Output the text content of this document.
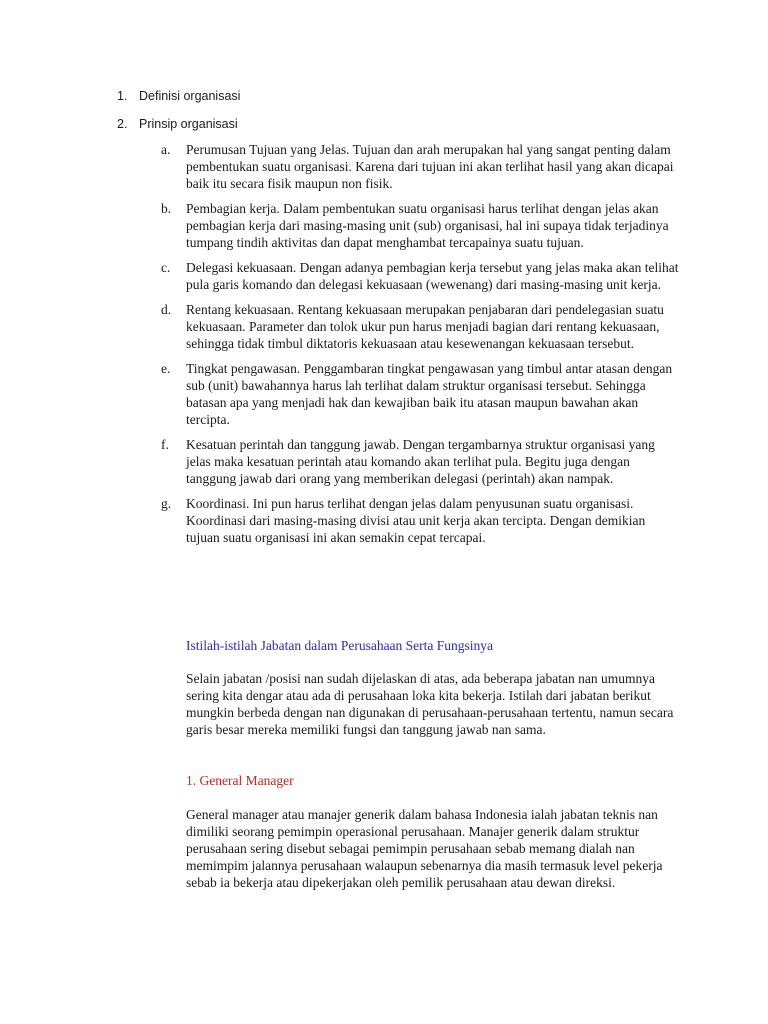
1. Definisi organisasi
2. Prinsip organisasi
a. Perumusan Tujuan yang Jelas. Tujuan dan arah merupakan hal yang sangat penting dalam pembentukan suatu organisasi. Karena dari tujuan ini akan terlihat hasil yang akan dicapai baik itu secara fisik maupun non fisik.
b. Pembagian kerja. Dalam pembentukan suatu organisasi harus terlihat dengan jelas akan pembagian kerja dari masing-masing unit (sub) organisasi, hal ini supaya tidak terjadinya tumpang tindih aktivitas dan dapat menghambat tercapainya suatu tujuan.
c. Delegasi kekuasaan. Dengan adanya pembagian kerja tersebut yang jelas maka akan telihat pula garis komando dan delegasi kekuasaan (wewenang) dari masing-masing unit kerja.
d. Rentang kekuasaan. Rentang kekuasaan merupakan penjabaran dari pendelegasian suatu kekuasaan. Parameter dan tolok ukur pun harus menjadi bagian dari rentang kekuasaan, sehingga tidak timbul diktatoris kekuasaan atau kesewenangan kekuasaan tersebut.
e. Tingkat pengawasan. Penggambaran tingkat pengawasan yang timbul antar atasan dengan sub (unit) bawahannya harus lah terlihat dalam struktur organisasi tersebut. Sehingga batasan apa yang menjadi hak dan kewajiban baik itu atasan maupun bawahan akan tercipta.
f. Kesatuan perintah dan tanggung jawab. Dengan tergambarnya struktur organisasi yang jelas maka kesatuan perintah atau komando akan terlihat pula. Begitu juga dengan tanggung jawab dari orang yang memberikan delegasi (perintah) akan nampak.
g. Koordinasi. Ini pun harus terlihat dengan jelas dalam penyusunan suatu organisasi. Koordinasi dari masing-masing divisi atau unit kerja akan tercipta. Dengan demikian tujuan suatu organisasi ini akan semakin cepat tercapai.

Istilah-istilah Jabatan dalam Perusahaan Serta Fungsinya

Selain jabatan /posisi nan sudah dijelaskan di atas, ada beberapa jabatan nan umumnya sering kita dengar atau ada di perusahaan loka kita bekerja. Istilah dari jabatan berikut mungkin berbeda dengan nan digunakan di perusahaan-perusahaan tertentu, namun secara garis besar mereka memiliki fungsi dan tanggung jawab nan sama.

1. General Manager

General manager atau manajer generik dalam bahasa Indonesia ialah jabatan teknis nan dimiliki seorang pemimpin operasional perusahaan. Manajer generik dalam struktur perusahaan sering disebut sebagai pemimpin perusahaan sebab memang dialah nan memimpim jalannya perusahaan walaupun sebenarnya dia masih termasuk level pekerja sebab ia bekerja atau dipekerjakan oleh pemilik perusahaan atau dewan direksi.
